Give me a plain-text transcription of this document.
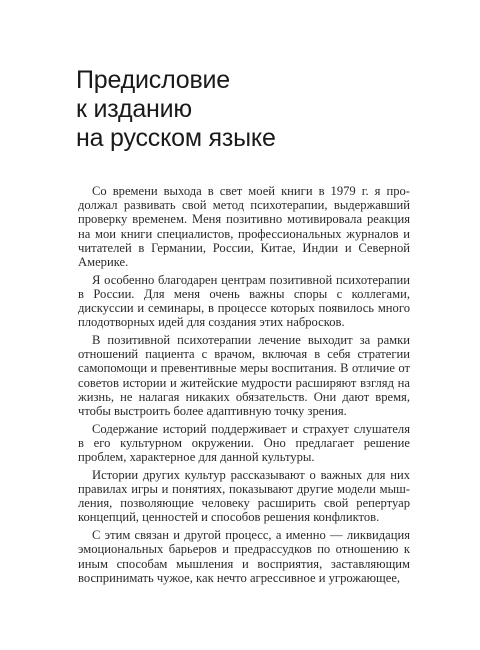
Предисловие
к изданию
на русском языке

Со времени выхода в свет моей книги в 1979 г. я продолжал развивать свой метод психотерапии, выдержавший проверку временем. Меня позитивно мотивировала реакция на мои книги специалистов, профессиональных журналов и читателей в Германии, России, Китае, Индии и Северной Америке.

Я особенно благодарен центрам позитивной психотерапии в России. Для меня очень важны споры с коллегами, дискуссии и семинары, в процессе которых появилось много плодотворных идей для создания этих набросков.

В позитивной психотерапии лечение выходит за рамки отношений пациента с врачом, включая в себя стратегии самопомощи и превентивные меры воспитания. В отличие от советов истории и житейские мудрости расширяют взгляд на жизнь, не налагая никаких обязательств. Они дают время, чтобы выстроить более адаптивную точку зрения.

Содержание историй поддерживает и страхует слушателя в его культурном окружении. Оно предлагает решение проблем, характерное для данной культуры.

Истории других культур рассказывают о важных для них правилах игры и понятиях, показывают другие модели мышления, позволяющие человеку расширить свой репертуар концепций, ценностей и способов решения конфликтов.

С этим связан и другой процесс, а именно — ликвидация эмоциональных барьеров и предрассудков по отношению к иным способам мышления и восприятия, заставляющим воспринимать чужое, как нечто агрессивное и угрожающее,
